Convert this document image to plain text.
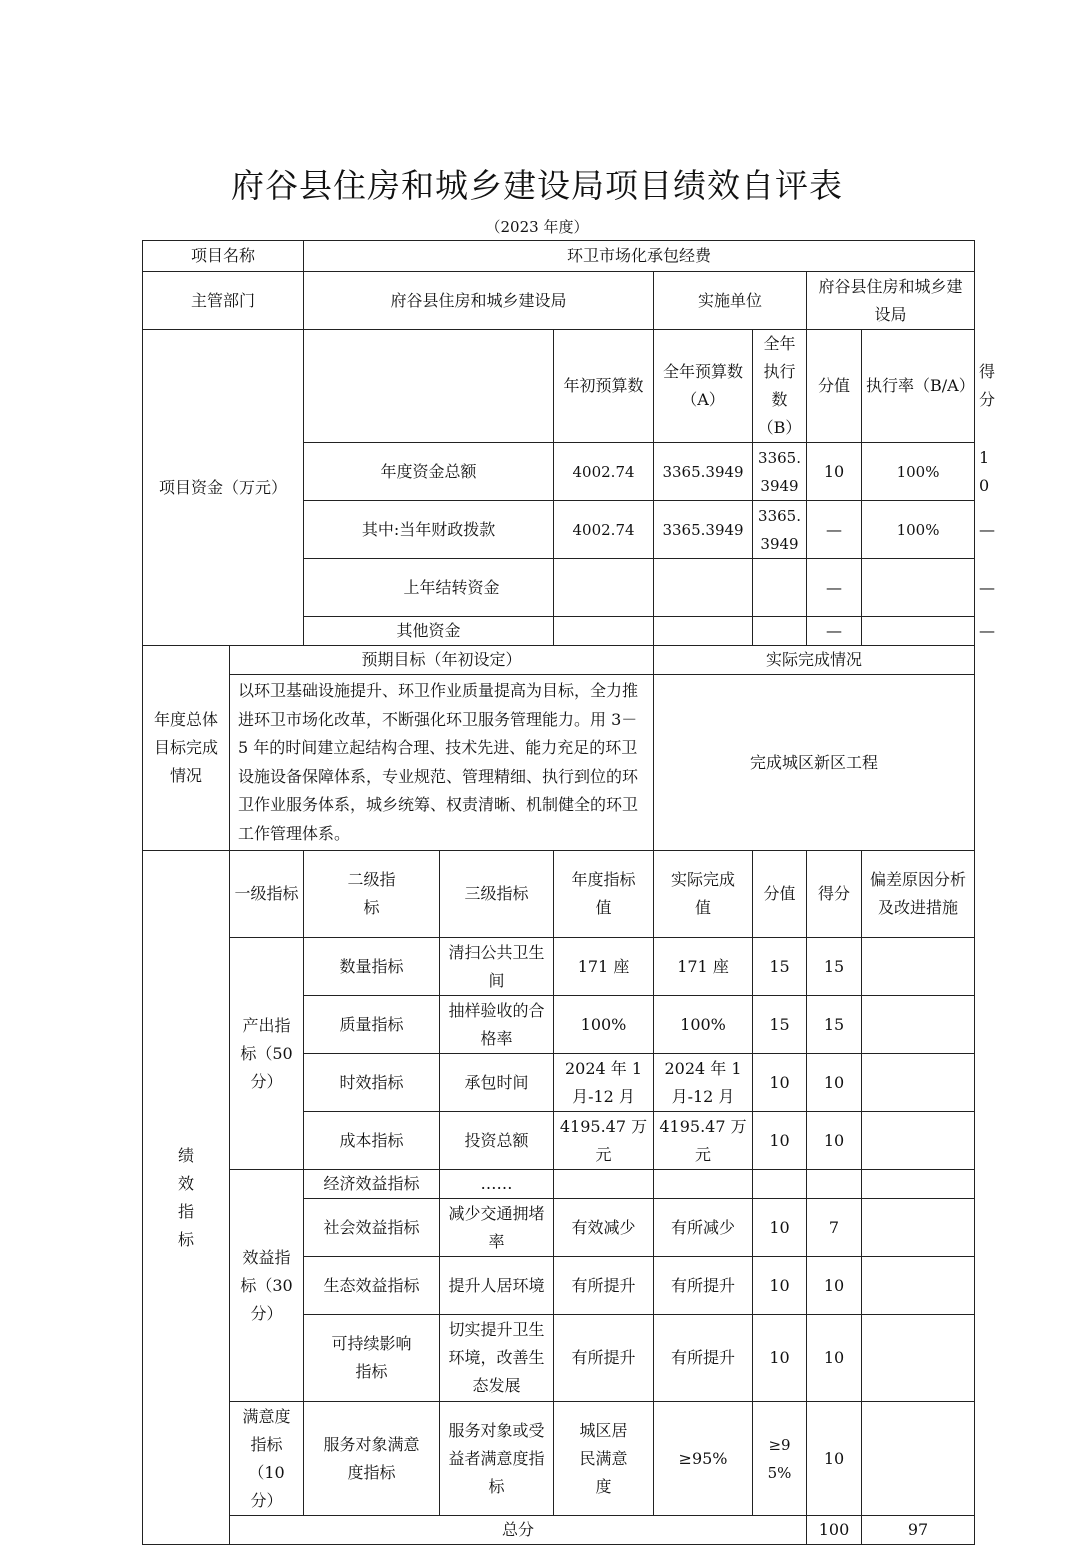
府谷县住房和城乡建设局项目绩效自评表
（2023 年度）
项目名称		环卫市场化承包经费							
主管部门		府谷县住房和城乡建设局			实施单位		府谷县住房和城乡建设局		
项目资金（万元）				年初预算数	全年预算数（A）	全年执行数（B）	分值	执行率（B/A）	得分
		年度资金总额		4002.74	3365.3949	3365.3949	10	100%	10
		其中:当年财政拨款		4002.74	3365.3949	3365.3949	—	100%	—
		上年结转资金					—		—
		其他资金					—		—
年度总体目标完成情况	预期目标（年初设定）				实际完成情况				
	以环卫基础设施提升、环卫作业质量提高为目标，全力推进环卫市场化改革，不断强化环卫服务管理能力。用 3－5 年的时间建立起结构合理、技术先进、能力充足的环卫设施设备保障体系，专业规范、管理精细、执行到位的环卫作业服务体系，城乡统筹、权责清晰、机制健全的环卫工作管理体系。				完成城区新区工程				
绩效指标	一级指标	二级指标	三级指标	年度指标值	实际完成值	分值	得分	偏差原因分析及改进措施	
	产出指标（50分）	数量指标	清扫公共卫生间	171 座	171 座	15	15		
		质量指标	抽样验收的合格率	100%	100%	15	15		
		时效指标	承包时间	2024 年 1 月-12 月	2024 年 1 月-12 月	10	10		
		成本指标	投资总额	4195.47 万元	4195.47 万元	10	10		
	效益指标（30分）	经济效益指标	……						
		社会效益指标	减少交通拥堵率	有效减少	有所减少	10	7		
		生态效益指标	提升人居环境	有所提升	有所提升	10	10		
		可持续影响指标	切实提升卫生环境，改善生态发展	有所提升	有所提升	10	10		
	满意度指标（10分）	服务对象满意度指标	服务对象或受益者满意度指标	城区居民满意度	≥95%	≥95%	10		
	总分						100	97	
